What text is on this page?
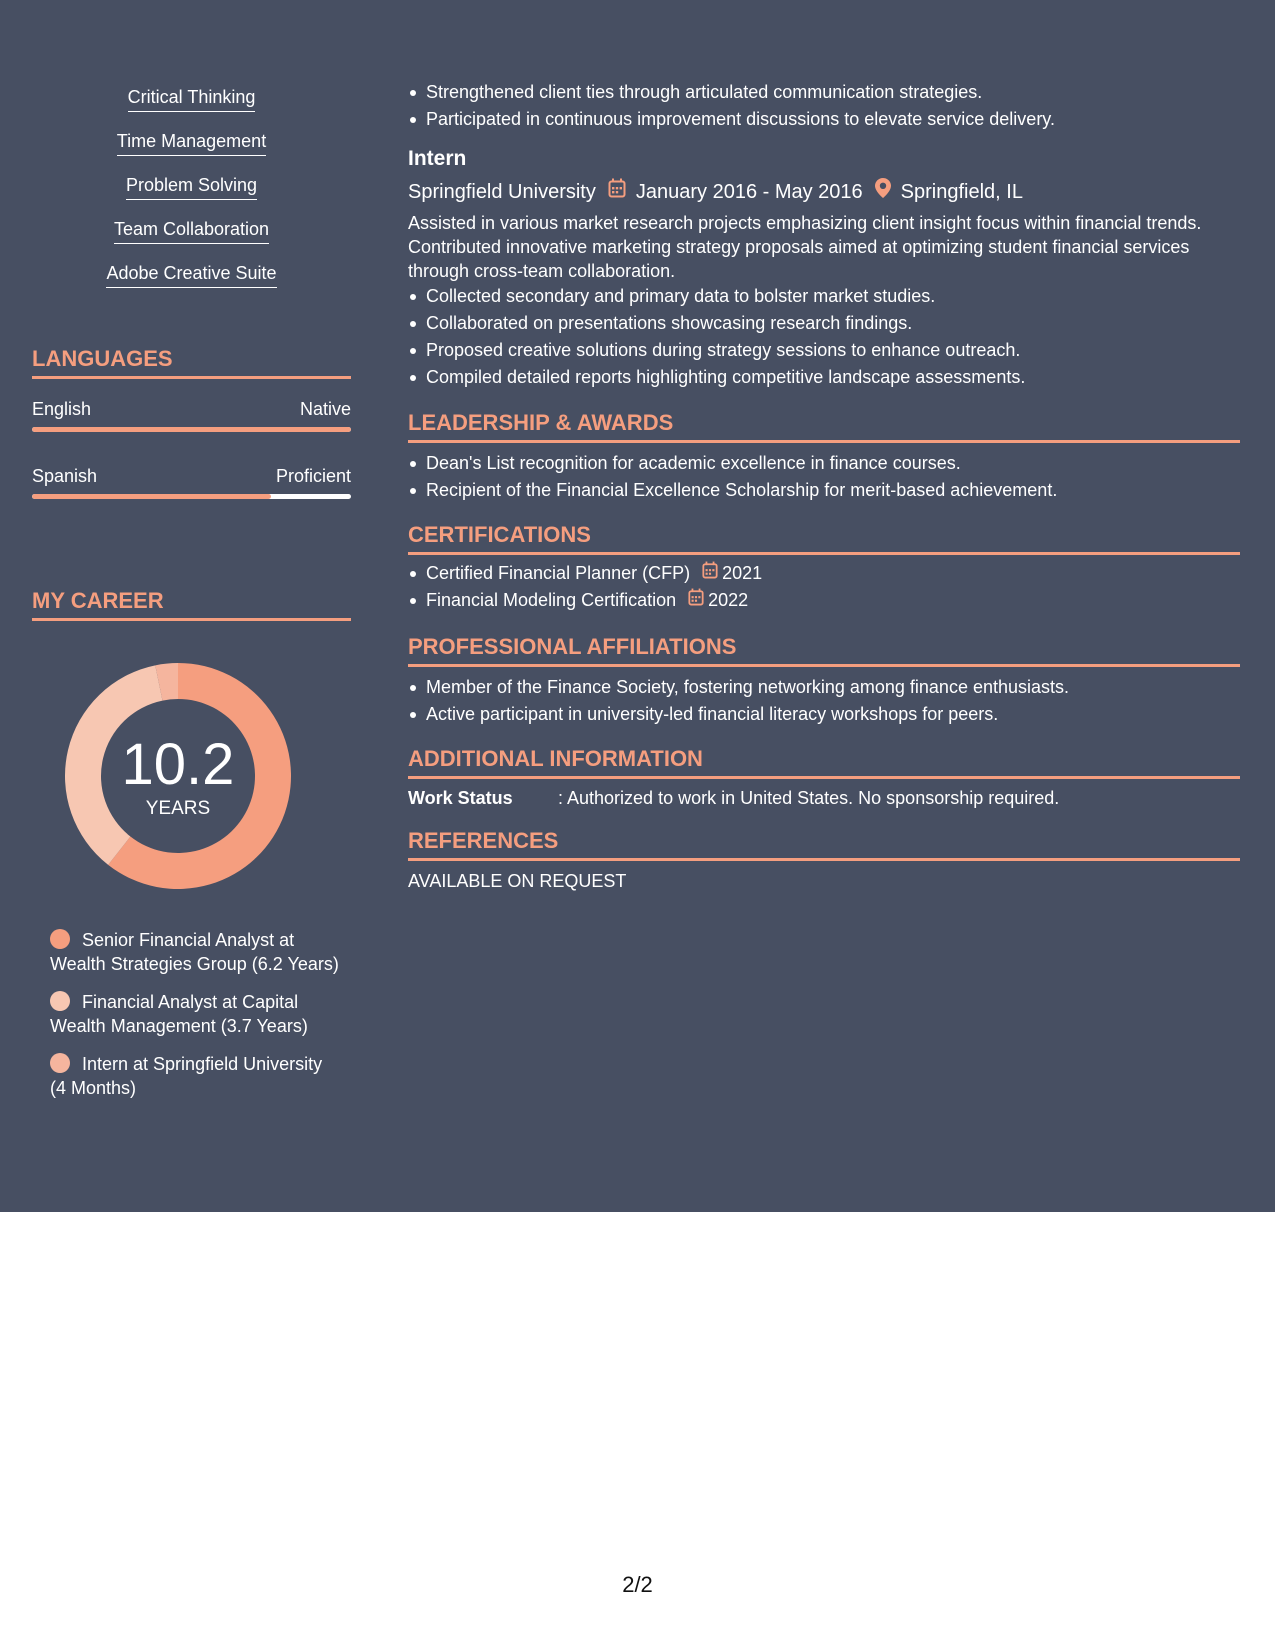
Critical Thinking
Time Management
Problem Solving
Team Collaboration
Adobe Creative Suite
LANGUAGES
English	Native
Spanish	Proficient
MY CAREER
10.2
YEARS
Senior Financial Analyst at Wealth Strategies Group (6.2 Years)
Financial Analyst at Capital Wealth Management (3.7 Years)
Intern at Springfield University (4 Months)
Strengthened client ties through articulated communication strategies.
Participated in continuous improvement discussions to elevate service delivery.
Intern
Springfield University January 2016 - May 2016 Springfield, IL
Assisted in various market research projects emphasizing client insight focus within financial trends. Contributed innovative marketing strategy proposals aimed at optimizing student financial services through cross-team collaboration.
Collected secondary and primary data to bolster market studies.
Collaborated on presentations showcasing research findings.
Proposed creative solutions during strategy sessions to enhance outreach.
Compiled detailed reports highlighting competitive landscape assessments.
LEADERSHIP & AWARDS
Dean's List recognition for academic excellence in finance courses.
Recipient of the Financial Excellence Scholarship for merit-based achievement.
CERTIFICATIONS
Certified Financial Planner (CFP) 2021
Financial Modeling Certification 2022
PROFESSIONAL AFFILIATIONS
Member of the Finance Society, fostering networking among finance enthusiasts.
Active participant in university-led financial literacy workshops for peers.
ADDITIONAL INFORMATION
Work Status	: Authorized to work in United States. No sponsorship required.
REFERENCES
AVAILABLE ON REQUEST
2/2
